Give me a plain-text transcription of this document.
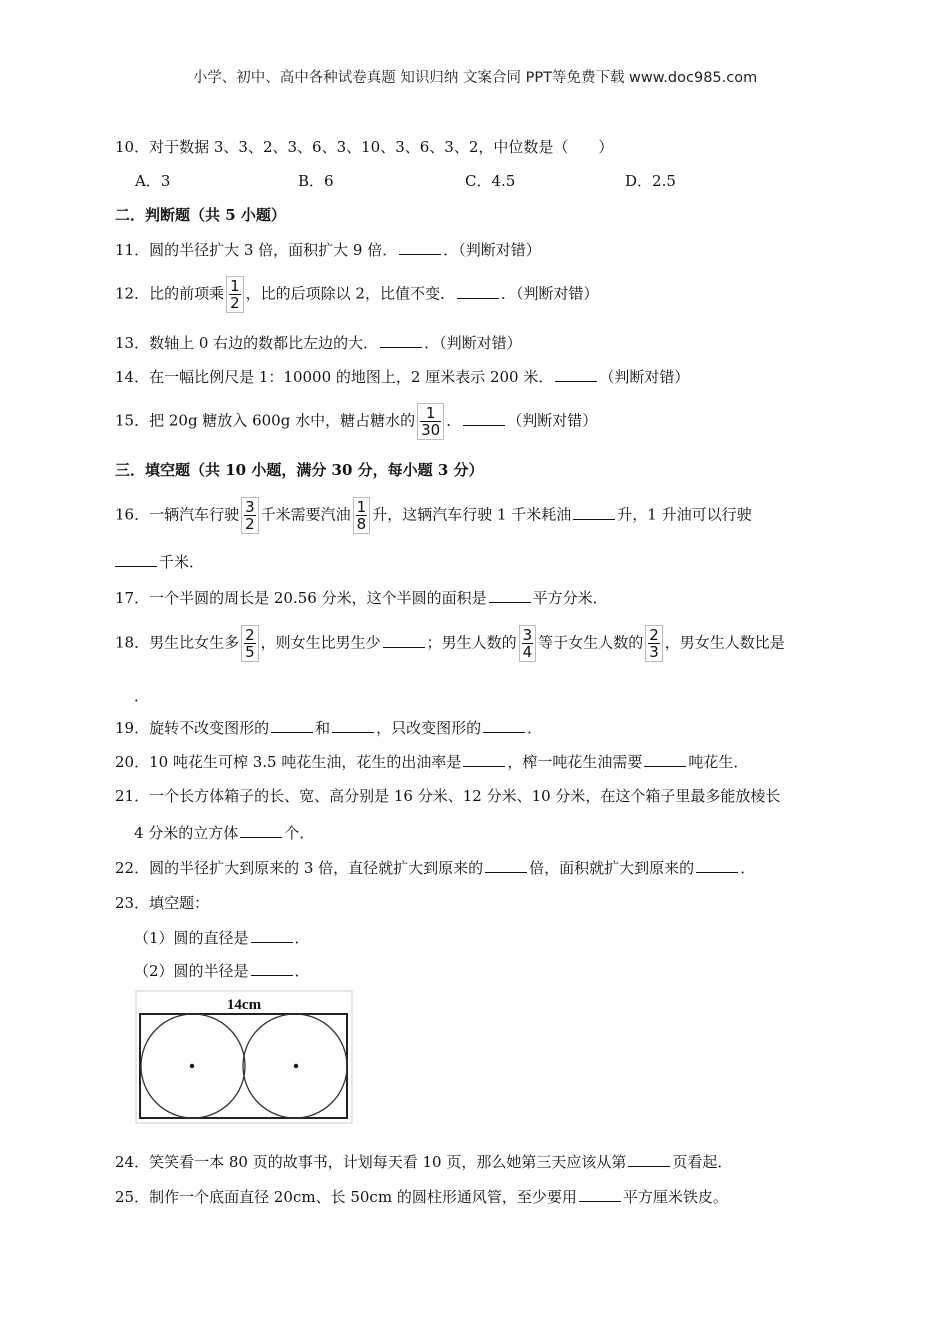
小学、初中、高中各种试卷真题 知识归纳 文案合同 PPT等免费下载 www.doc985.com
10．对于数据 3、3、2、3、6、3、10、3、6、3、2，中位数是（　　）
A．3	B．6	C．4.5	D．2.5
二．判断题（共 5 小题）
11．圆的半径扩大 3 倍，面积扩大 9 倍．	．（判断对错）
12．比的前项乘 $\frac{1}{2}$ ，比的后项除以 2，比值不变．	．（判断对错）
13．数轴上 0 右边的数都比左边的大．	．（判断对错）
14．在一幅比例尺是 1：10000 的地图上，2 厘米表示 200 米．	（判断对错）
15．把 20g 糖放入 600g 水中，糖占糖水的 $\frac{1}{30}$ ．	（判断对错）
三．填空题（共 10 小题，满分 30 分，每小题 3 分）
16．一辆汽车行驶 $\frac{3}{2}$ 千米需要汽油 $\frac{1}{8}$ 升，这辆汽车行驶 1 千米耗油	升，1 升油可以行驶
千米．
17．一个半圆的周长是 20.56 分米，这个半圆的面积是	平方分米．
18．男生比女生多 $\frac{2}{5}$ ，则女生比男生少	；男生人数的 $\frac{3}{4}$ 等于女生人数的 $\frac{2}{3}$ ，男女生人数比是
．
19．旋转不改变图形的	和	，只改变图形的	．
20．10 吨花生可榨 3.5 吨花生油，花生的出油率是	，榨一吨花生油需要	吨花生．
21．一个长方体箱子的长、宽、高分别是 16 分米、12 分米、10 分米，在这个箱子里最多能放棱长
4 分米的立方体	个．
22．圆的半径扩大到原来的 3 倍，直径就扩大到原来的	倍，面积就扩大到原来的	．
23．填空题：
（1）圆的直径是	．
（2）圆的半径是	．
14cm
24．笑笑看一本 80 页的故事书，计划每天看 10 页，那么她第三天应该从第	页看起．
25．制作一个底面直径 20cm、长 50cm 的圆柱形通风管，至少要用	平方厘米铁皮。
